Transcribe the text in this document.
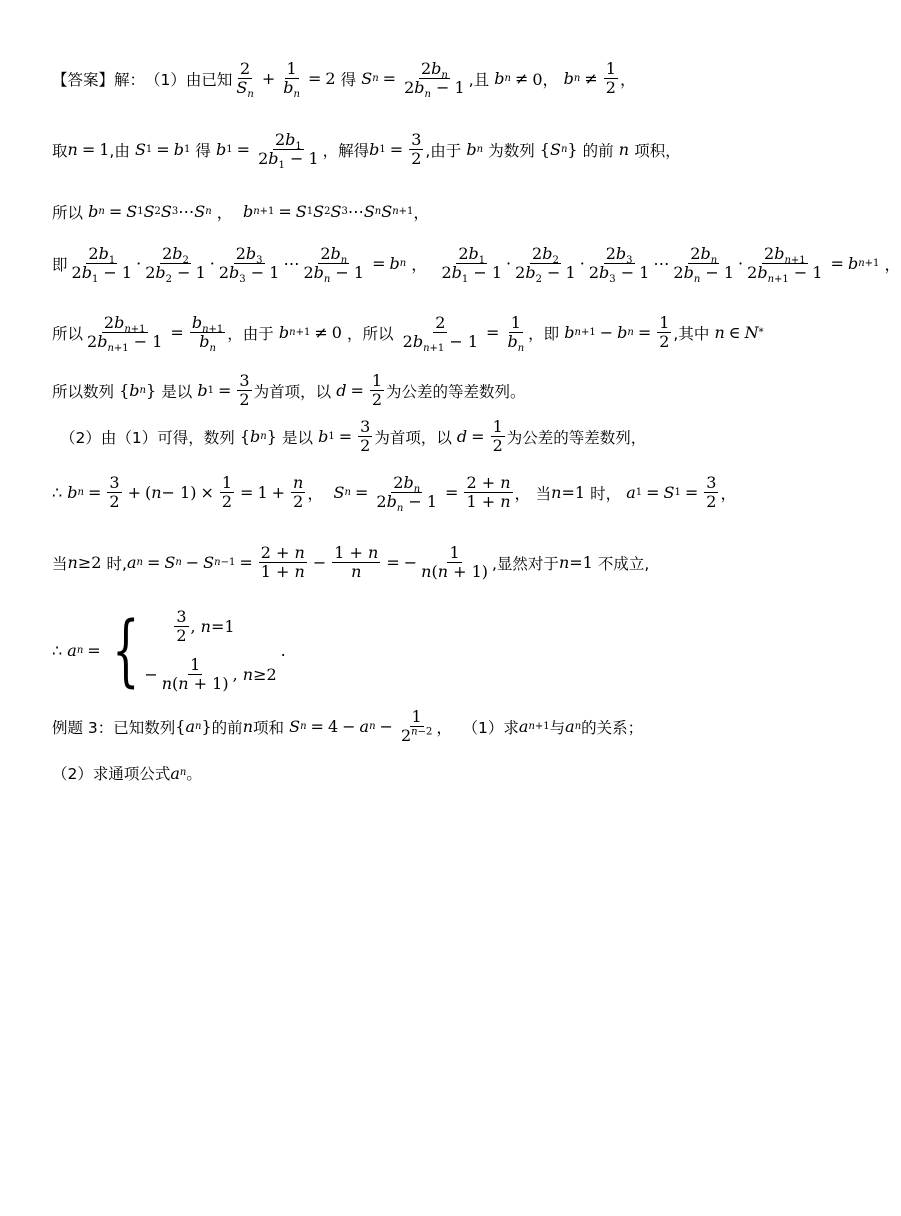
【答案】 解： （1） 由已知 $\frac{2}{S_n} + \frac{1}{b_n} = 2$ 得
S $n = \frac{2b_n}{2b_n - 1}$ ,且
b n ≠ 0， b $n \ne \frac{1}{2}$ ，
取 n = 1 ,由
S 1 = b 1
得
b $1 = \frac{2b_1}{2b_1 - 1}$ ，解得 b $1 = \frac{3}{2}$ ,由于
b n
为数列 { S n } 的前
n
项积，
所以
b n = S 1 S 2 S 3 ⋯ S n ， b n+1 = S 1 S 2 S 3 ⋯ S n S n+1 ，
即 $\frac{2b_1}{2b_1 - 1} \cdot \frac{2b_2}{2b_2 - 1} \cdot \frac{2b_3}{2b_3 - 1}$ ⋯ $\frac{2b_n}{2b_n - 1} = b$ n ， $\frac{2b_1}{2b_1 - 1} \cdot \frac{2b_2}{2b_2 - 1} \cdot \frac{2b_3}{2b_3 - 1}$ ⋯ $\frac{2b_n}{2b_n - 1} \cdot \frac{2b_{n+1}}{2b_{n+1} - 1} = b$ n+1 ，
所以 $\frac{2b_{n+1}}{2b_{n+1} - 1} = \frac{b_{n+1}}{b_n}$ ，由于
b n+1 ≠ 0 ，所以
$\frac{2}{2b_{n+1} - 1} = \frac{1}{b_n}$ ，即
b n+1 − b $n = \frac{1}{2}$ ,其中
n ∈ N *
所以数列 { b n } 是以
b $1 = \frac{3}{2}$ 为首项，以
$d = \frac{1}{2}$ 为公差的等差数列。
（2） 由（1）可得，数列 { b n } 是以
b $1 = \frac{3}{2}$ 为首项，以
$d = \frac{1}{2}$ 为公差的等差数列，
∴ b $n = \frac{3}{2}$ + ( $n - 1) \times \frac{1}{2} = 1 + \frac{n}{2}$ ， S $n = \frac{2b_n}{2b_n - 1} = \frac{2 + n}{1 + n}$ ， 当 n =1 时，
a 1 = S $1 = \frac{3}{2}$ ，
当 n ≥2 时, a n = S n − S $n-1 = \frac{2 + n}{1 + n} - \frac{1 + n}{n}$ = − $\frac{1}{n(n + 1)}$ ,显然对于 n =1 不成立,
∴ a n = { $\frac{3}{2}$ , n =1
− $\frac{1}{n(n + 1)}$ , n ≥2
.
例题 3：已知数列 { a n } 的前 n 项和
S n = 4 − a $n - \frac{1}{2^{n-2}}$ ， （1）求 a n+1 与 a n 的关系；
（2）求通项公式 a n 。
